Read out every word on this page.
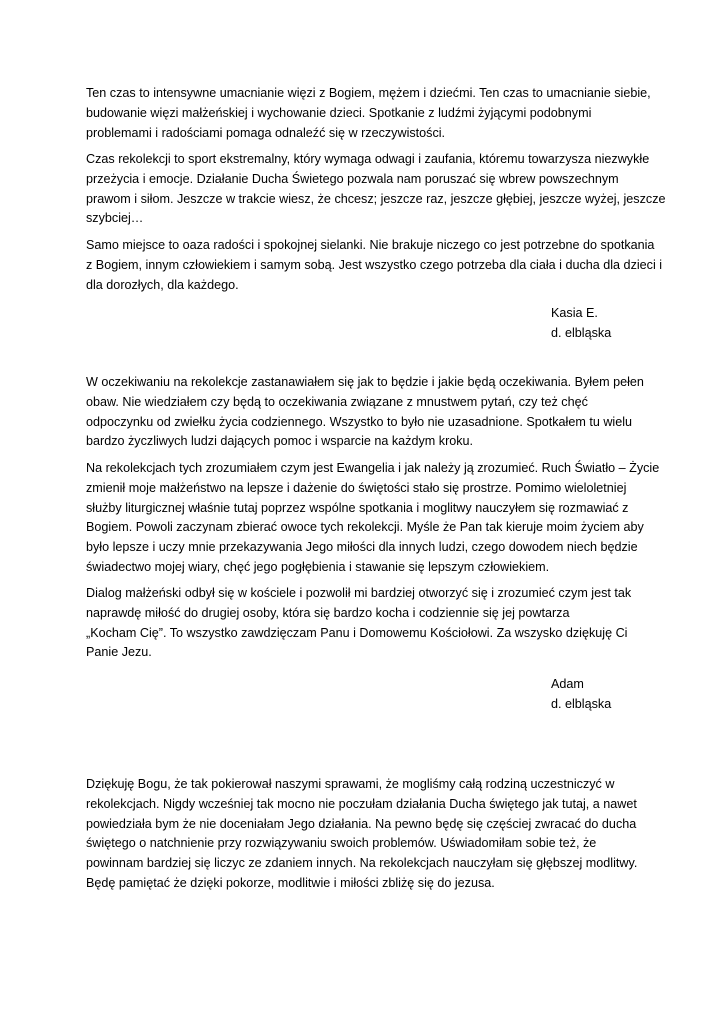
Ten czas to intensywne umacnianie więzi z Bogiem, mężem i dziećmi. Ten czas to umacnianie siebie,
budowanie więzi małżeńskiej i wychowanie dzieci. Spotkanie z ludźmi żyjącymi podobnymi
problemami i radościami pomaga odnaleźć się w rzeczywistości.

Czas rekolekcji to sport ekstremalny, który wymaga odwagi i zaufania, któremu towarzysza niezwykłe
przeżycia i emocje. Działanie Ducha Świetego pozwala nam poruszać się wbrew powszechnym
prawom i siłom. Jeszcze w trakcie wiesz, że chcesz; jeszcze raz, jeszcze głębiej, jeszcze wyżej, jeszcze
szybciej…

Samo miejsce to oaza radości i spokojnej sielanki. Nie brakuje niczego co jest potrzebne do spotkania
z Bogiem, innym człowiekiem i samym sobą. Jest wszystko czego potrzeba dla ciała i ducha dla dzieci i
dla dorozłych, dla każdego.

Kasia E.
d. elbląska

W oczekiwaniu na rekolekcje zastanawiałem się jak to będzie i jakie będą oczekiwania. Byłem pełen
obaw. Nie wiedziałem czy będą to oczekiwania związane z mnustwem pytań, czy też chęć
odpoczynku od zwiełku życia codziennego. Wszystko to było nie uzasadnione. Spotkałem tu wielu
bardzo życzliwych ludzi dających pomoc i wsparcie na każdym kroku.

Na rekolekcjach tych zrozumiałem czym jest Ewangelia i jak należy ją zrozumieć. Ruch Światło – Życie
zmienił moje małżeństwo na lepsze i dażenie do świętości stało się prostrze. Pomimo wieloletniej
służby liturgicznej właśnie tutaj poprzez wspólne spotkania i moglitwy nauczyłem się rozmawiać z
Bogiem. Powoli zaczynam zbierać owoce tych rekolekcji. Myśle że Pan tak kieruje moim życiem aby
było lepsze i uczy mnie przekazywania Jego miłości dla innych ludzi, czego dowodem niech będzie
świadectwo mojej wiary, chęć jego pogłębienia i stawanie się lepszym człowiekiem.

Dialog małżeński odbył się w kościele i pozwolił mi bardziej otworzyć się i zrozumieć czym jest tak
naprawdę miłość do drugiej osoby, która się bardzo kocha i codziennie się jej powtarza
„Kocham Cię”. To wszystko zawdzięczam Panu i Domowemu Kościołowi. Za wszysko dziękuję Ci
Panie Jezu.

Adam
d. elbląska

Dziękuję Bogu, że tak pokierował naszymi sprawami, że mogliśmy całą rodziną uczestniczyć w
rekolekcjach. Nigdy wcześniej tak mocno nie poczułam działania Ducha świętego jak tutaj, a nawet
powiedziała bym że nie doceniałam Jego działania. Na pewno będę się częściej zwracać do ducha
świętego o natchnienie przy rozwiązywaniu swoich problemów. Uświadomiłam sobie też, że
powinnam bardziej się liczyc ze zdaniem innych. Na rekolekcjach nauczyłam się głębszej modlitwy.
Będę pamiętać że dzięki pokorze, modlitwie i miłości zbliżę się do jezusa.
